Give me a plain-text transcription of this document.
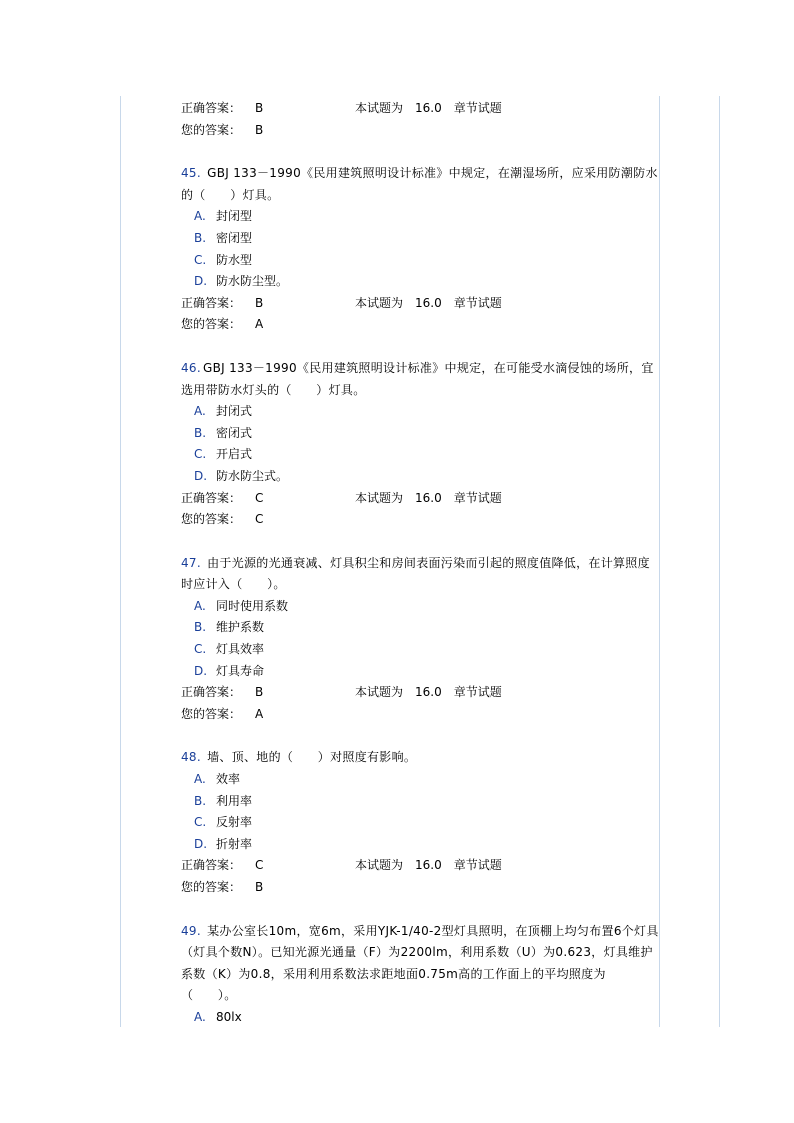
正确答案： B	本试题为　16.0　章节试题
您的答案： B
45. GBJ 133－1990《民用建筑照明设计标准》中规定，在潮湿场所，应采用防潮防水的（　　）灯具。
A. 封闭型
B. 密闭型
C. 防水型
D. 防水防尘型。
正确答案： B	本试题为　16.0　章节试题
您的答案： A
46. GBJ 133－1990《民用建筑照明设计标准》中规定，在可能受水滴侵蚀的场所，宜选用带防水灯头的（　　）灯具。
A. 封闭式
B. 密闭式
C. 开启式
D. 防水防尘式。
正确答案： C	本试题为　16.0　章节试题
您的答案： C
47. 由于光源的光通衰减、灯具积尘和房间表面污染而引起的照度值降低，在计算照度时应计入（　　）。
A. 同时使用系数
B. 维护系数
C. 灯具效率
D. 灯具寿命
正确答案： B	本试题为　16.0　章节试题
您的答案： A
48. 墙、顶、地的（　　）对照度有影响。
A. 效率
B. 利用率
C. 反射率
D. 折射率
正确答案： C	本试题为　16.0　章节试题
您的答案： B
49. 某办公室长10m，宽6m，采用YJK-1/40-2型灯具照明，在顶棚上均匀布置6个灯具（灯具个数N）。已知光源光通量（F）为2200lm，利用系数（U）为0.623，灯具维护系数（K）为0.8，采用利用系数法求距地面0.75m高的工作面上的平均照度为（　　）。
A. 80lx
